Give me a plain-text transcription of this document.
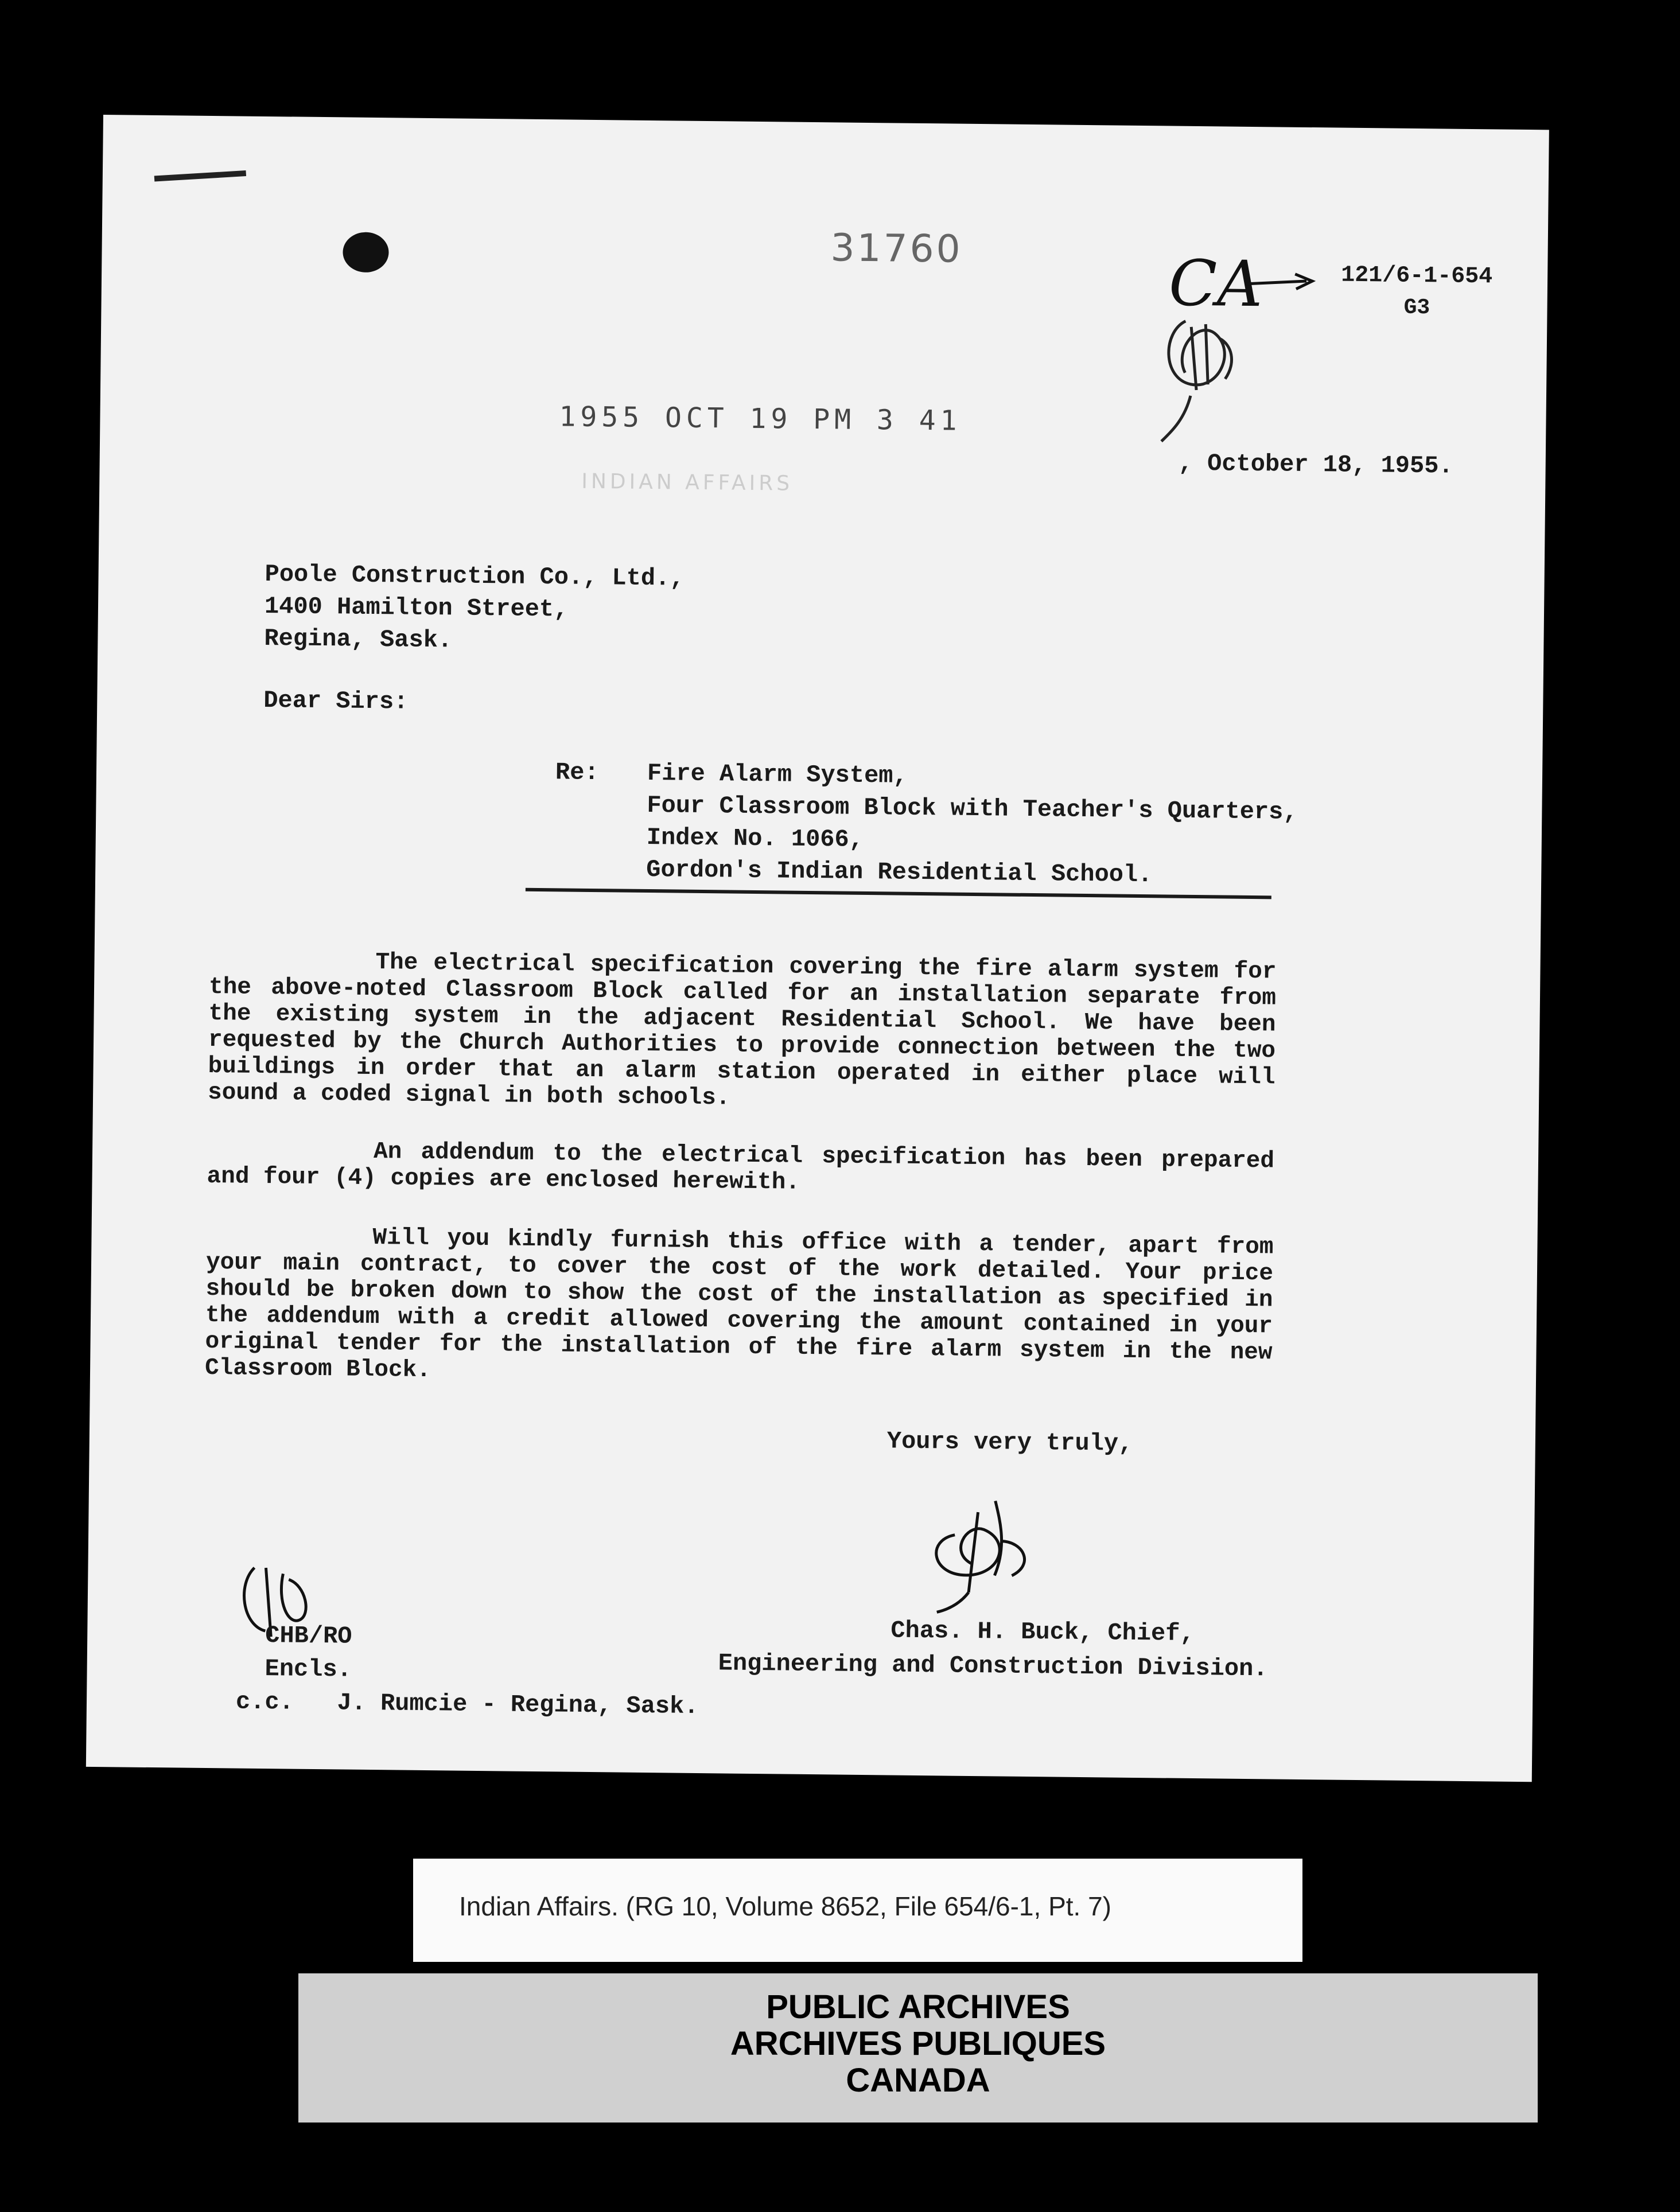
31760	CA	121/6-1-654
G3
1955 OCT 19 PM 3 41
INDIAN AFFAIRS
, October 18, 1955.
Poole Construction Co., Ltd.,
1400 Hamilton Street,
Regina, Sask.
Dear Sirs:
Re: Fire Alarm System,
Four Classroom Block with Teacher's Quarters,
Index No. 1066,
Gordon's Indian Residential School.
The electrical specification covering the fire alarm system for the above-noted Classroom Block called for an installation separate from the existing system in the adjacent Residential School. We have been requested by the Church Authorities to provide connection between the two buildings in order that an alarm station operated in either place will sound a coded signal in both schools.
An addendum to the electrical specification has been prepared and four (4) copies are enclosed herewith.
Will you kindly furnish this office with a tender, apart from your main contract, to cover the cost of the work detailed. Your price should be broken down to show the cost of the installation as specified in the addendum with a credit allowed covering the amount contained in your original tender for the installation of the fire alarm system in the new Classroom Block.
Yours very truly,
Chas. H. Buck, Chief,
Engineering and Construction Division.
CHB/RO
Encls.
c.c.   J. Rumcie - Regina, Sask.
Indian Affairs. (RG 10, Volume 8652, File 654/6-1, Pt. 7)
PUBLIC ARCHIVES
ARCHIVES PUBLIQUES
CANADA
